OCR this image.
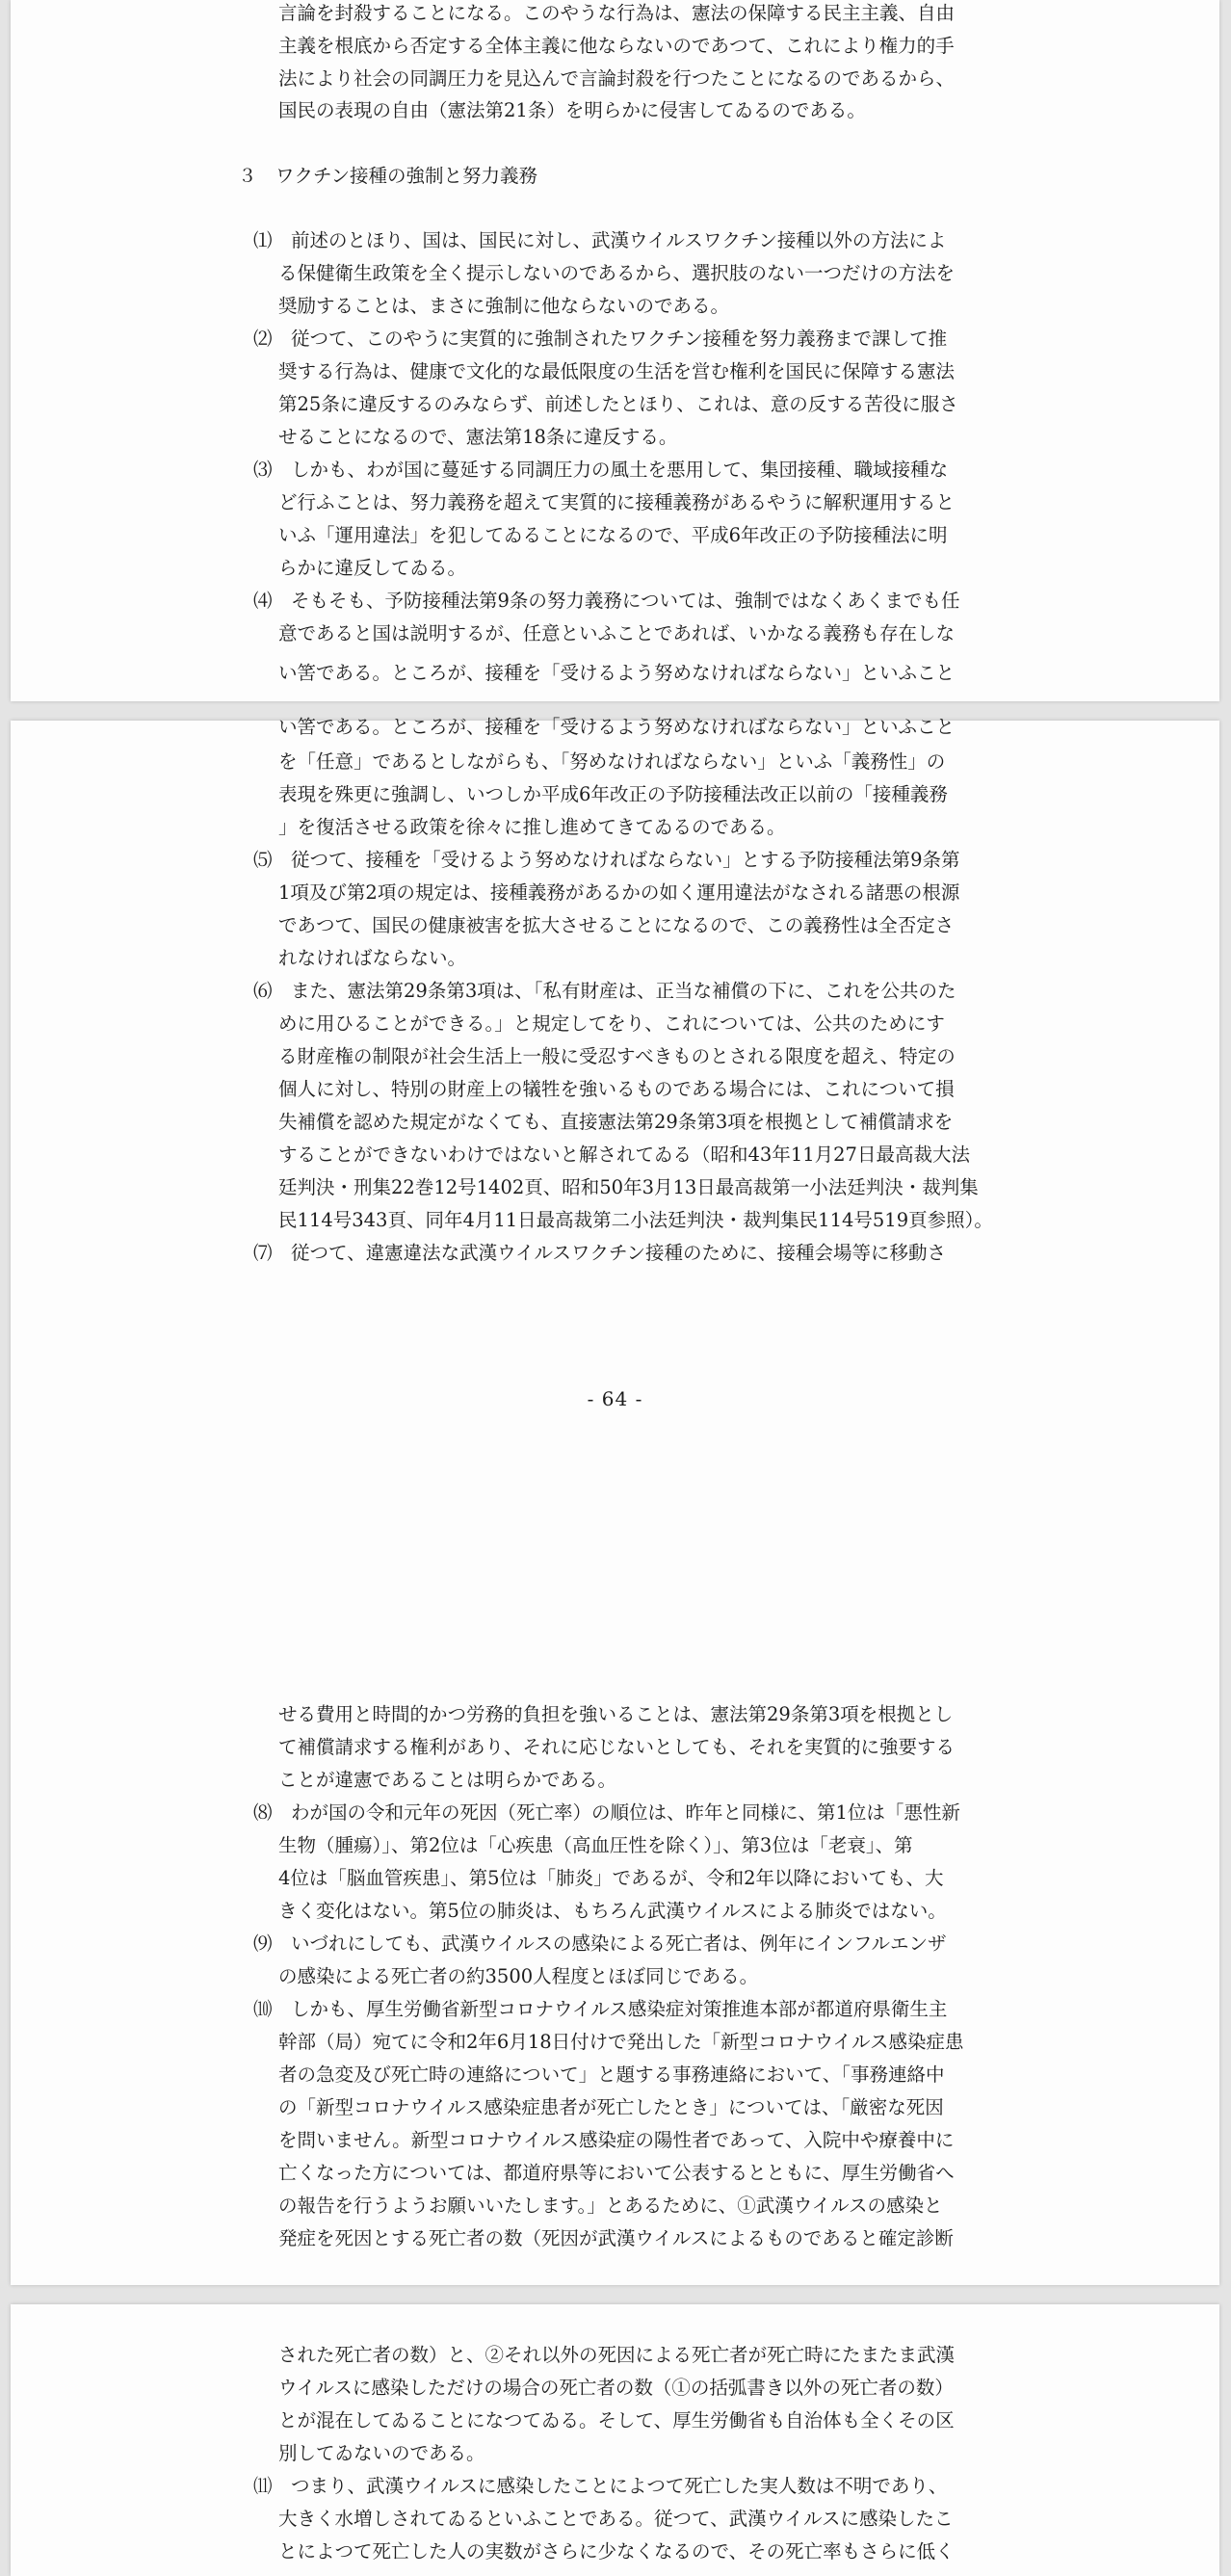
言論を封殺することになる。このやうな行為は、憲法の保障する民主主義、自由
主義を根底から否定する全体主義に他ならないのであつて、これにより権力的手
法により社会の同調圧力を見込んで言論封殺を行つたことになるのであるから、
国民の表現の自由（憲法第21条）を明らかに侵害してゐるのである。
３　ワクチン接種の強制と努力義務
⑴　前述のとほり、国は、国民に対し、武漢ウイルスワクチン接種以外の方法によ
る保健衛生政策を全く提示しないのであるから、選択肢のない一つだけの方法を
奨励することは、まさに強制に他ならないのである。
⑵　従つて、このやうに実質的に強制されたワクチン接種を努力義務まで課して推
奨する行為は、健康で文化的な最低限度の生活を営む権利を国民に保障する憲法
第25条に違反するのみならず、前述したとほり、これは、意の反する苦役に服さ
せることになるので、憲法第18条に違反する。
⑶　しかも、わが国に蔓延する同調圧力の風土を悪用して、集団接種、職域接種な
ど行ふことは、努力義務を超えて実質的に接種義務があるやうに解釈運用すると
いふ「運用違法」を犯してゐることになるので、平成6年改正の予防接種法に明
らかに違反してゐる。
⑷　そもそも、予防接種法第9条の努力義務については、強制ではなくあくまでも任
意であると国は説明するが、任意といふことであれば、いかなる義務も存在しな
い筈である。ところが、接種を「受けるよう努めなければならない」といふこと
い筈である。ところが、接種を「受けるよう努めなければならない」といふこと
を「任意」であるとしながらも、「努めなければならない」といふ「義務性」の
表現を殊更に強調し、いつしか平成6年改正の予防接種法改正以前の「接種義務
」を復活させる政策を徐々に推し進めてきてゐるのである。
⑸　従つて、接種を「受けるよう努めなければならない」とする予防接種法第9条第
1項及び第2項の規定は、接種義務があるかの如く運用違法がなされる諸悪の根源
であつて、国民の健康被害を拡大させることになるので、この義務性は全否定さ
れなければならない。
⑹　また、憲法第29条第3項は、「私有財産は、正当な補償の下に、これを公共のた
めに用ひることができる。」と規定してをり、これについては、公共のためにす
る財産権の制限が社会生活上一般に受忍すべきものとされる限度を超え、特定の
個人に対し、特別の財産上の犠牲を強いるものである場合には、これについて損
失補償を認めた規定がなくても、直接憲法第29条第3項を根拠として補償請求を
することができないわけではないと解されてゐる（昭和43年11月27日最高裁大法
廷判決・刑集22巻12号1402頁、昭和50年3月13日最高裁第一小法廷判決・裁判集
民114号343頁、同年4月11日最高裁第二小法廷判決・裁判集民114号519頁参照）。
⑺　従つて、違憲違法な武漢ウイルスワクチン接種のために、接種会場等に移動さ
- 64 -
せる費用と時間的かつ労務的負担を強いることは、憲法第29条第3項を根拠とし
て補償請求する権利があり、それに応じないとしても、それを実質的に強要する
ことが違憲であることは明らかである。
⑻　わが国の令和元年の死因（死亡率）の順位は、昨年と同様に、第1位は「悪性新
生物（腫瘍）」、第2位は「心疾患（高血圧性を除く）」、第3位は「老衰」、第
4位は「脳血管疾患」、第5位は「肺炎」であるが、令和2年以降においても、大
きく変化はない。第5位の肺炎は、もちろん武漢ウイルスによる肺炎ではない。
⑼　いづれにしても、武漢ウイルスの感染による死亡者は、例年にインフルエンザ
の感染による死亡者の約3500人程度とほぼ同じである。
⑽　しかも、厚生労働省新型コロナウイルス感染症対策推進本部が都道府県衛生主
幹部（局）宛てに令和2年6月18日付けで発出した「新型コロナウイルス感染症患
者の急変及び死亡時の連絡について」と題する事務連絡において、「事務連絡中
の「新型コロナウイルス感染症患者が死亡したとき」については、「厳密な死因
を問いません。新型コロナウイルス感染症の陽性者であって、入院中や療養中に
亡くなった方については、都道府県等において公表するとともに、厚生労働省へ
の報告を行うようお願いいたします。」とあるために、①武漢ウイルスの感染と
発症を死因とする死亡者の数（死因が武漢ウイルスによるものであると確定診断
された死亡者の数）と、②それ以外の死因による死亡者が死亡時にたまたま武漢
ウイルスに感染しただけの場合の死亡者の数（①の括弧書き以外の死亡者の数）
とが混在してゐることになつてゐる。そして、厚生労働省も自治体も全くその区
別してゐないのである。
⑾　つまり、武漢ウイルスに感染したことによつて死亡した実人数は不明であり、
大きく水増しされてゐるといふことである。従つて、武漢ウイルスに感染したこ
とによつて死亡した人の実数がさらに少なくなるので、その死亡率もさらに低く
